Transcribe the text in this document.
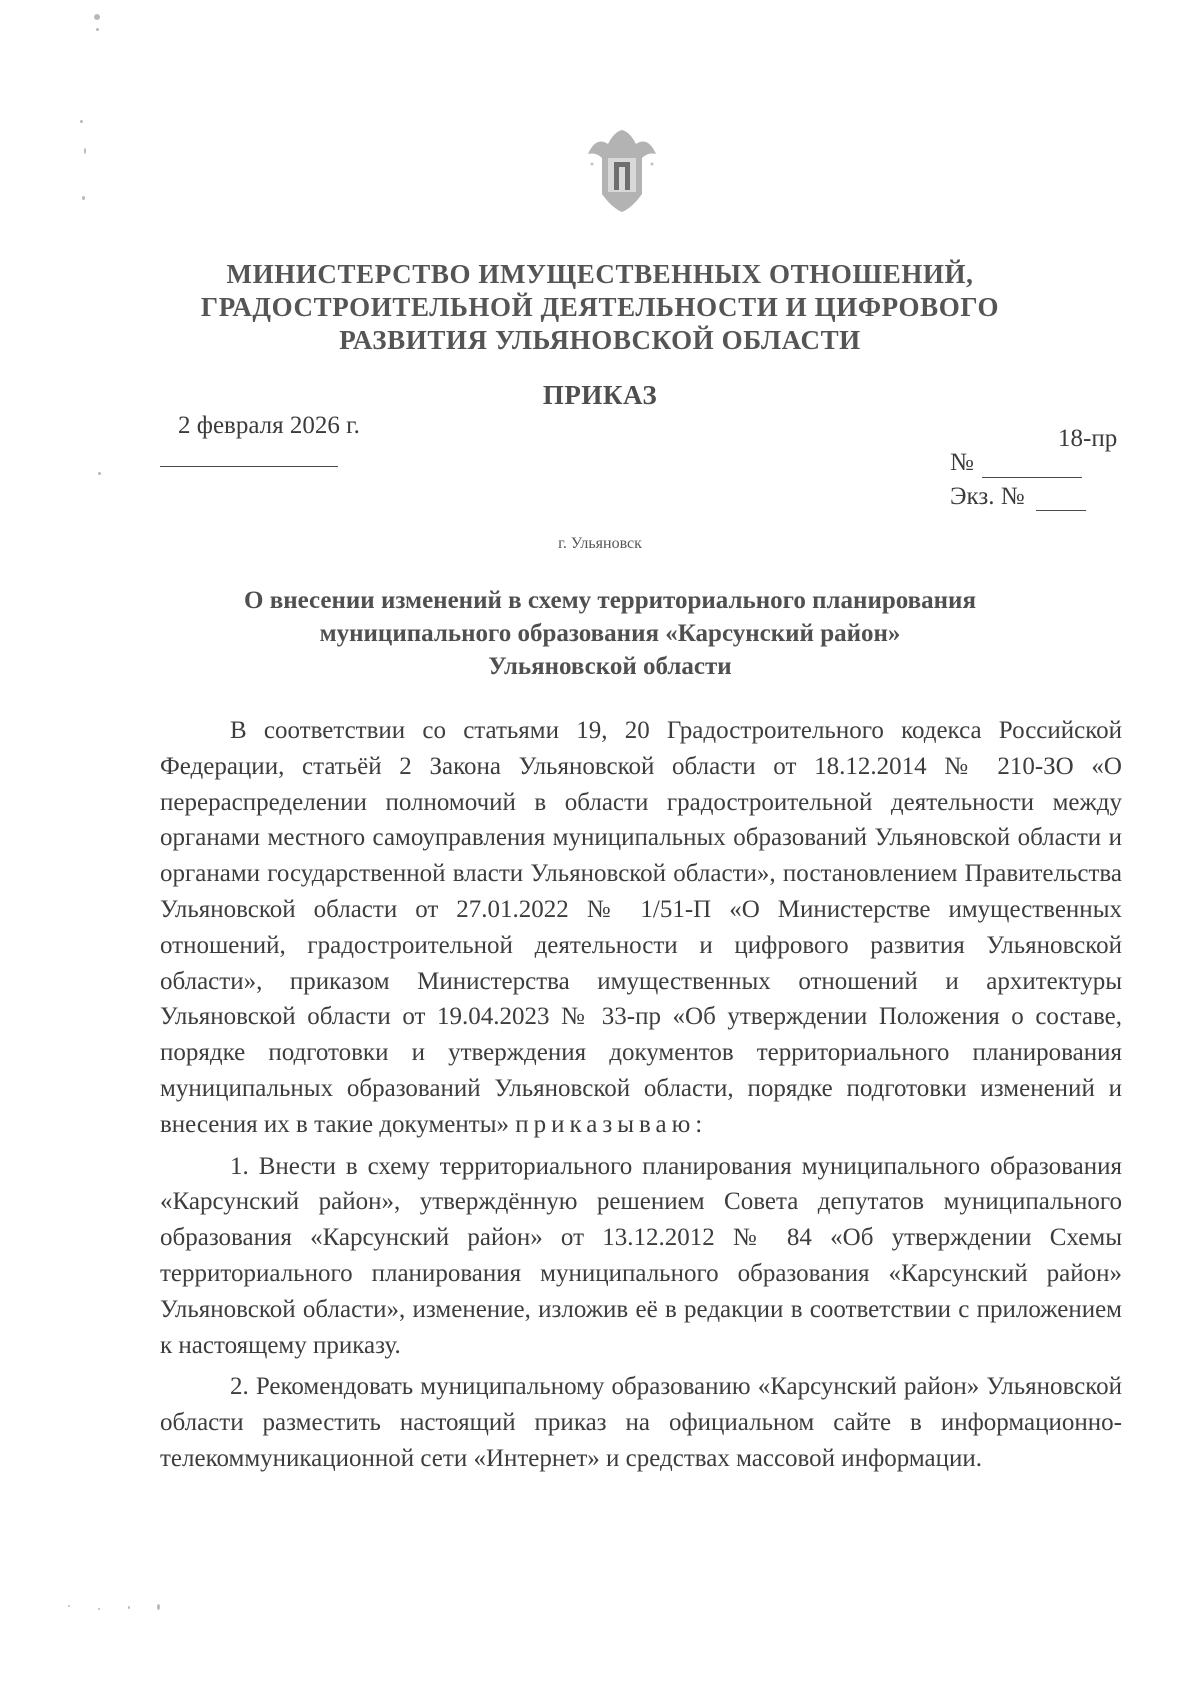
МИНИСТЕРСТВО ИМУЩЕСТВЕННЫХ ОТНОШЕНИЙ,
ГРАДОСТРОИТЕЛЬНОЙ ДЕЯТЕЛЬНОСТИ И ЦИФРОВОГО
РАЗВИТИЯ УЛЬЯНОВСКОЙ ОБЛАСТИ
ПРИКАЗ
2 февраля 2026 г.	18-пр
№
Экз. №
г. Ульяновск
О внесении изменений в схему территориального планирования
муниципального образования «Карсунский район»
Ульяновской области

В соответствии со статьями 19, 20 Градостроительного кодекса Российской Федерации, статьёй 2 Закона Ульяновской области от 18.12.2014 № 210-ЗО «О перераспределении полномочий в области градостроительной деятельности между органами местного самоуправления муниципальных образований Ульяновской области и органами государственной власти Ульяновской области», постановлением Правительства Ульяновской области от 27.01.2022 № 1/51-П «О Министерстве имущественных отношений, градостроительной деятельности и цифрового развития Ульяновской области», приказом Министерства имущественных отношений и архитектуры Ульяновской области от 19.04.2023 № 33-пр «Об утверждении Положения о составе, порядке подготовки и утверждения документов территориального планирования муниципальных образований Ульяновской области, порядке подготовки изменений и внесения их в такие документы» приказываю:

1. Внести в схему территориального планирования муниципального образования «Карсунский район», утверждённую решением Совета депутатов муниципального образования «Карсунский район» от 13.12.2012 № 84 «Об утверждении Схемы территориального планирования муниципального образования «Карсунский район» Ульяновской области», изменение, изложив её в редакции в соответствии с приложением к настоящему приказу.

2. Рекомендовать муниципальному образованию «Карсунский район» Ульяновской области разместить настоящий приказ на официальном сайте в информационно-телекоммуникационной сети «Интернет» и средствах массовой информации.
